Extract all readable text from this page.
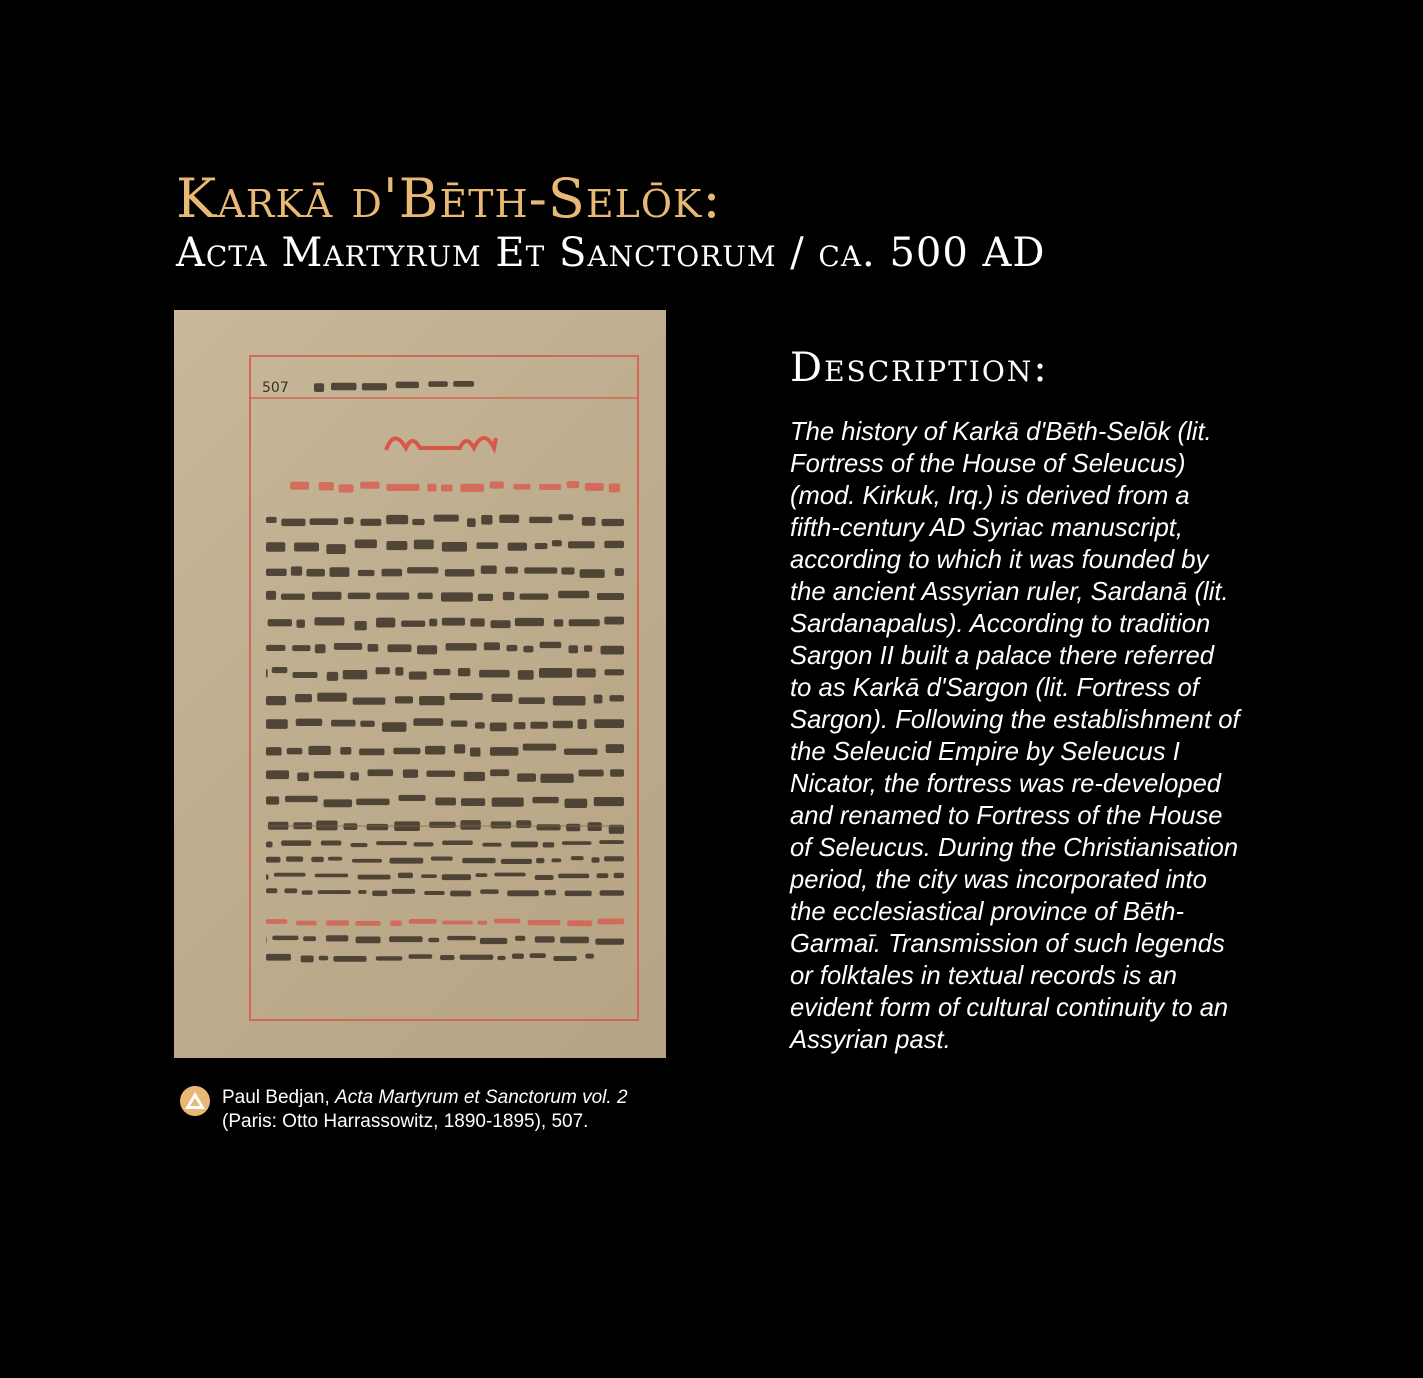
Karkā d'Bēth-Selōk:
Acta Martyrum Et Sanctorum / ca. 500 AD
507
Paul Bedjan, Acta Martyrum et Sanctorum vol. 2
(Paris: Otto Harrassowitz, 1890-1895), 507.
Description:

The history of Karkā d'Bēth-Selōk (lit. Fortress of the House of Seleucus) (mod. Kirkuk, Irq.) is derived from a fifth-century AD Syriac manuscript, according to which it was founded by the ancient Assyrian ruler, Sardanā (lit. Sardanapalus). According to tradition Sargon II built a palace there referred to as Karkā d'Sargon (lit. Fortress of Sargon). Following the establishment of the Seleucid Empire by Seleucus I Nicator, the fortress was re-developed and renamed to Fortress of the House of Seleucus. During the Christianisation period, the city was incorporated into the ecclesiastical province of Bēth-Garmaī. Transmission of such legends or folktales in textual records is an evident form of cultural continuity to an Assyrian past.
